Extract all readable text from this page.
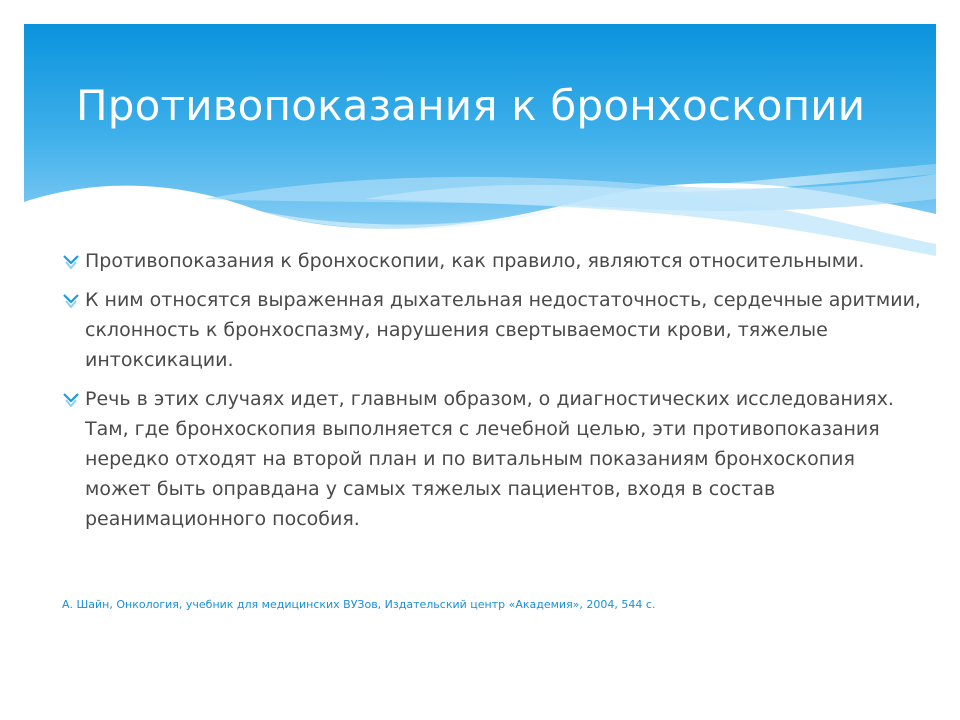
Противопоказания к бронхоскопии
Противопоказания к бронхоскопии, как правило, являются относительными.
К ним относятся выраженная дыхательная недостаточность, сердечные аритмии, склонность к бронхоспазму, нарушения свертываемости крови, тяжелые интоксикации.
Речь в этих случаях идет, главным образом, о диагностических исследованиях. Там, где бронхоскопия выполняется с лечебной целью, эти противопоказания нередко отходят на второй план и по витальным показаниям бронхоскопия может быть оправдана у самых тяжелых пациентов, входя в состав реанимационного пособия.

А. Шайн, Онкология, учебник для медицинских ВУЗов, Издательский центр «Академия», 2004, 544 с.
